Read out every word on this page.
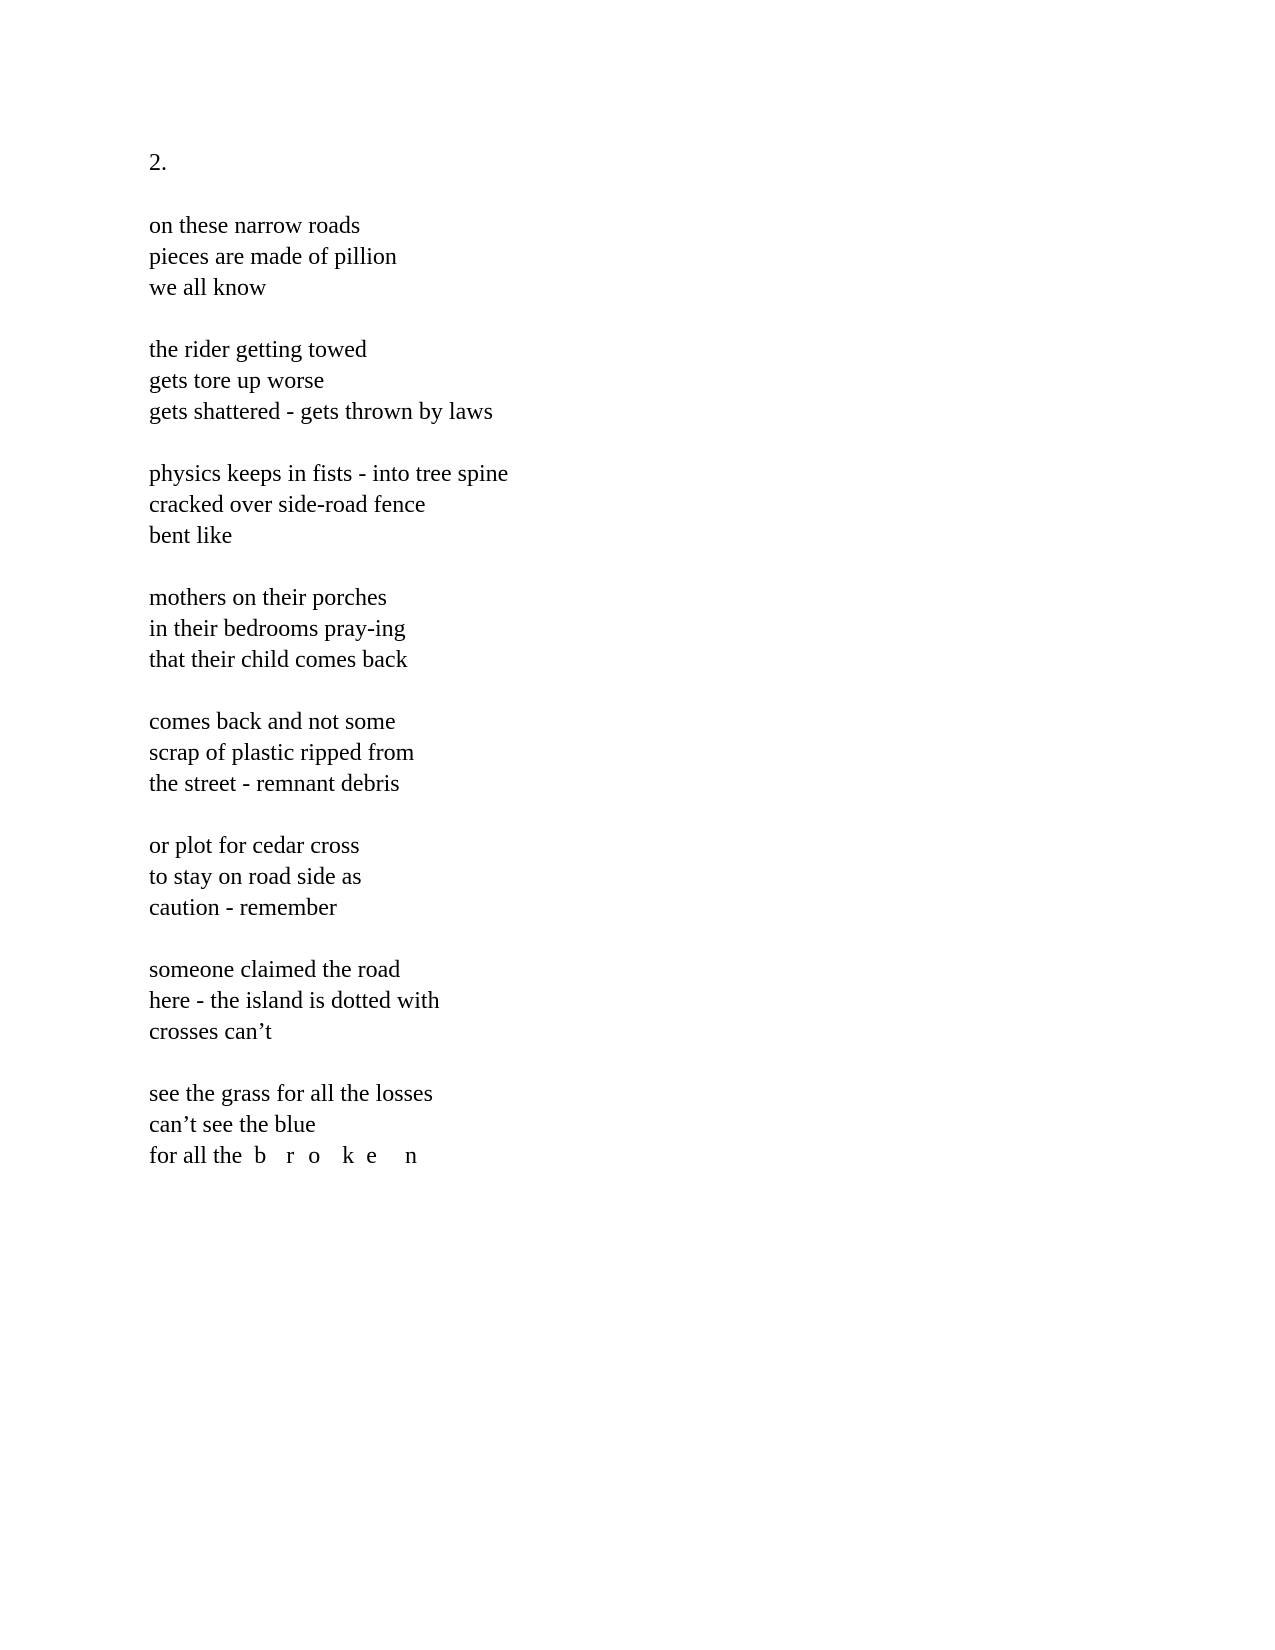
2.
on these narrow roads
pieces are made of pillion
we all know
the rider getting towed
gets tore up worse
gets shattered - gets thrown by laws
physics keeps in fists - into tree spine
cracked over side-road fence
bent like
mothers on their porches
in their bedrooms pray-ing
that their child comes back
comes back and not some
scrap of plastic ripped from
the street - remnant debris
or plot for cedar cross
to stay on road side as
caution - remember
someone claimed the road
here - the island is dotted with
crosses can’t
see the grass for all the losses
can’t see the blue
for all the b r o k e n
